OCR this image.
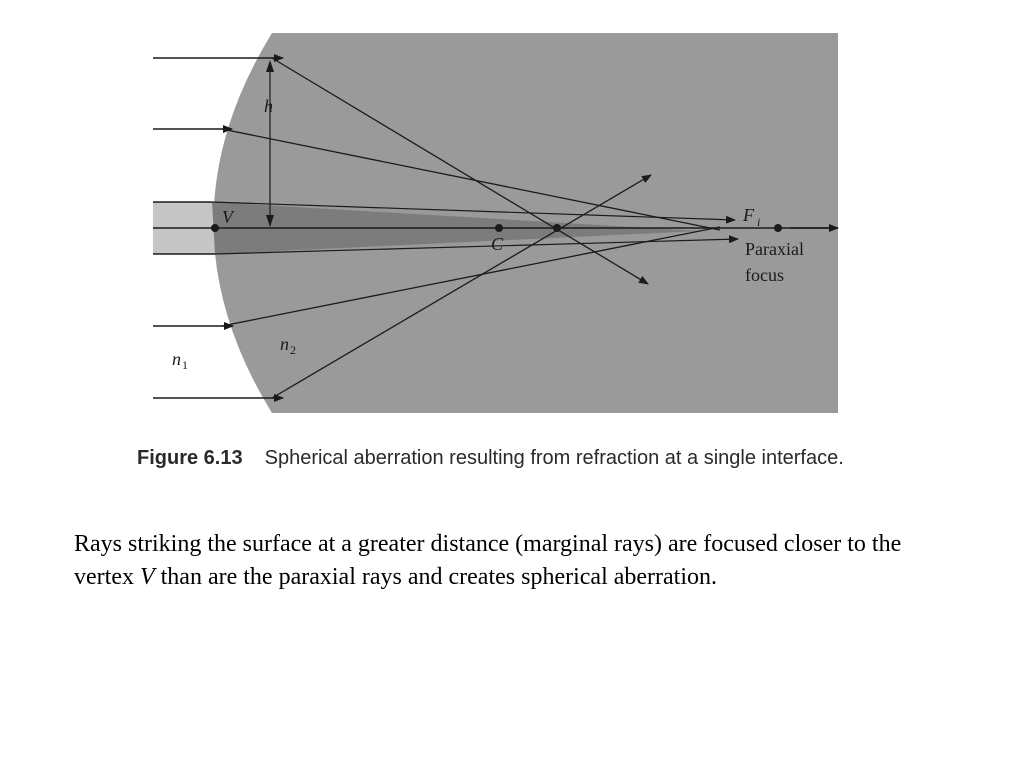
h
V
C
F i
Paraxial
focus
n 1
n 2
Figure 6.13 Spherical aberration resulting from refraction at a single interface.
Rays striking the surface at a greater distance (marginal rays) are focused closer to the vertex V than are the paraxial rays and creates spherical aberration.
